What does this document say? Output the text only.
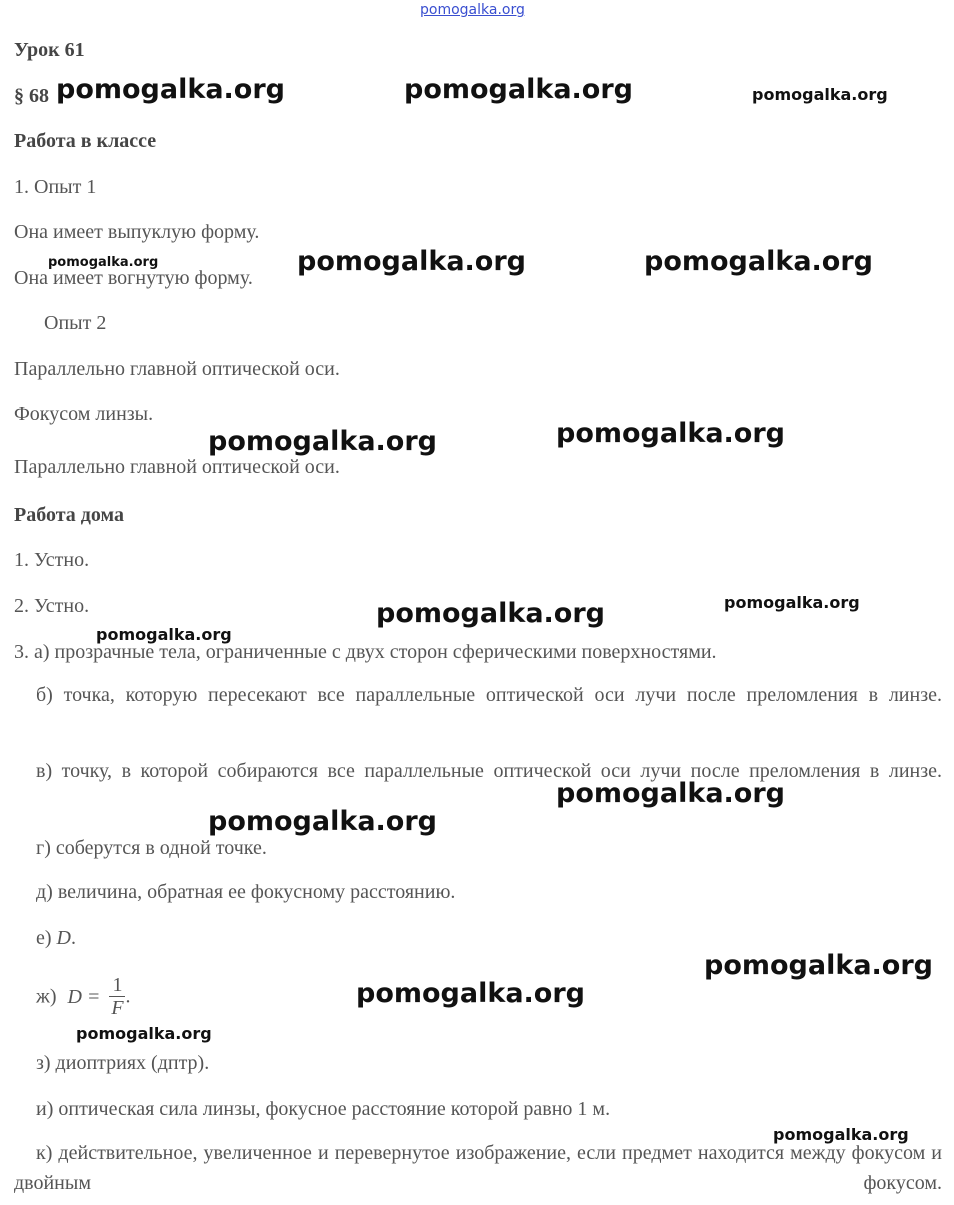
pomogalka.org
Урок 61
§ 68
Работа в классе
1. Опыт 1
Она имеет выпуклую форму.
Она имеет вогнутую форму.
Опыт 2
Параллельно главной оптической оси.
Фокусом линзы.
Параллельно главной оптической оси.
Работа дома
1. Устно.
2. Устно.
3. а) прозрачные тела, ограниченные с двух сторон сферическими поверхностями.
б) точка, которую пересекают все параллельные оптической оси лучи после преломления в линзе.
в) точку, в которой собираются все параллельные оптической оси лучи после преломления в линзе.
г) соберутся в одной точке.
д) величина, обратная ее фокусному расстоянию.
е) D.
ж) $D = \frac{1}{F}$ .
з) диоптриях (дптр).
и) оптическая сила линзы, фокусное расстояние которой равно 1 м.
к) действительное, увеличенное и перевернутое изображение, если предмет находится между фокусом и двойным фокусом.
pomogalka.org	pomogalka.org	pomogalka.org
pomogalka.org	pomogalka.org	pomogalka.org
pomogalka.org	pomogalka.org
pomogalka.org	pomogalka.org
pomogalka.org
pomogalka.org
pomogalka.org
pomogalka.org
pomogalka.org
pomogalka.org
pomogalka.org
